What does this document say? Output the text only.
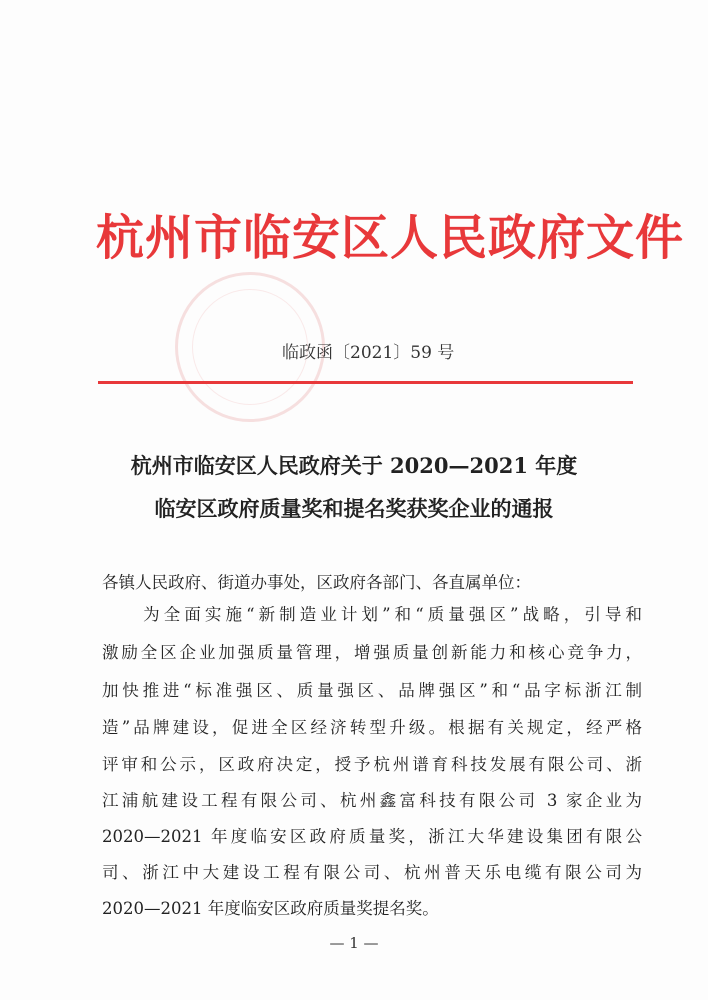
杭州市临安区人民政府文件
临政函〔2021〕59 号
杭州市临安区人民政府关于 2020—2021 年度
临安区政府质量奖和提名奖获奖企业的通报
各镇人民政府、街道办事处，区政府各部门、各直属单位：
　　为全面实施“新制造业计划”和“质量强区”战略，引导和
激励全区企业加强质量管理，增强质量创新能力和核心竞争力，
加快推进“标准强区、质量强区、品牌强区”和“品字标浙江制
造”品牌建设，促进全区经济转型升级。根据有关规定，经严格
评审和公示，区政府决定，授予杭州谱育科技发展有限公司、浙
江浦航建设工程有限公司、杭州鑫富科技有限公司 3 家企业为
2020—2021 年度临安区政府质量奖，浙江大华建设集团有限公
司、浙江中大建设工程有限公司、杭州普天乐电缆有限公司为
2020—2021 年度临安区政府质量奖提名奖。
— 1 —
